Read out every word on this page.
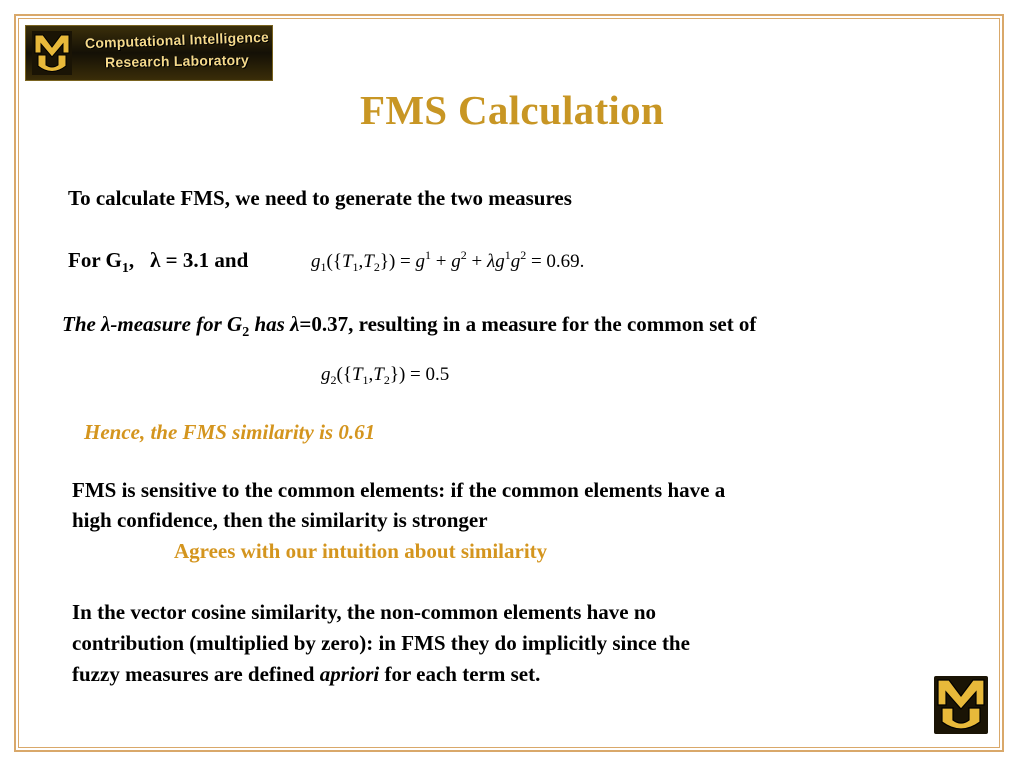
Computational Intelligence
Research Laboratory
FMS Calculation
To calculate FMS, we need to generate the two measures
For $G_1$, λ = 3.1 and	$g_1(\{T_1,T_2\}) = g^1 + g^2 + \lambda g^1g^2 = 0.69$.
The λ-measure for $G_2$ has λ=0.37, resulting in a measure for the common set of
$g_2(\{T_1,T_2\}) = 0.5$
Hence, the FMS similarity is 0.61
FMS is sensitive to the common elements: if the common elements have a
high confidence, then the similarity is stronger
Agrees with our intuition about similarity
In the vector cosine similarity, the non-common elements have no
contribution (multiplied by zero): in FMS they do implicitly since the
fuzzy measures are defined apriori for each term set.
